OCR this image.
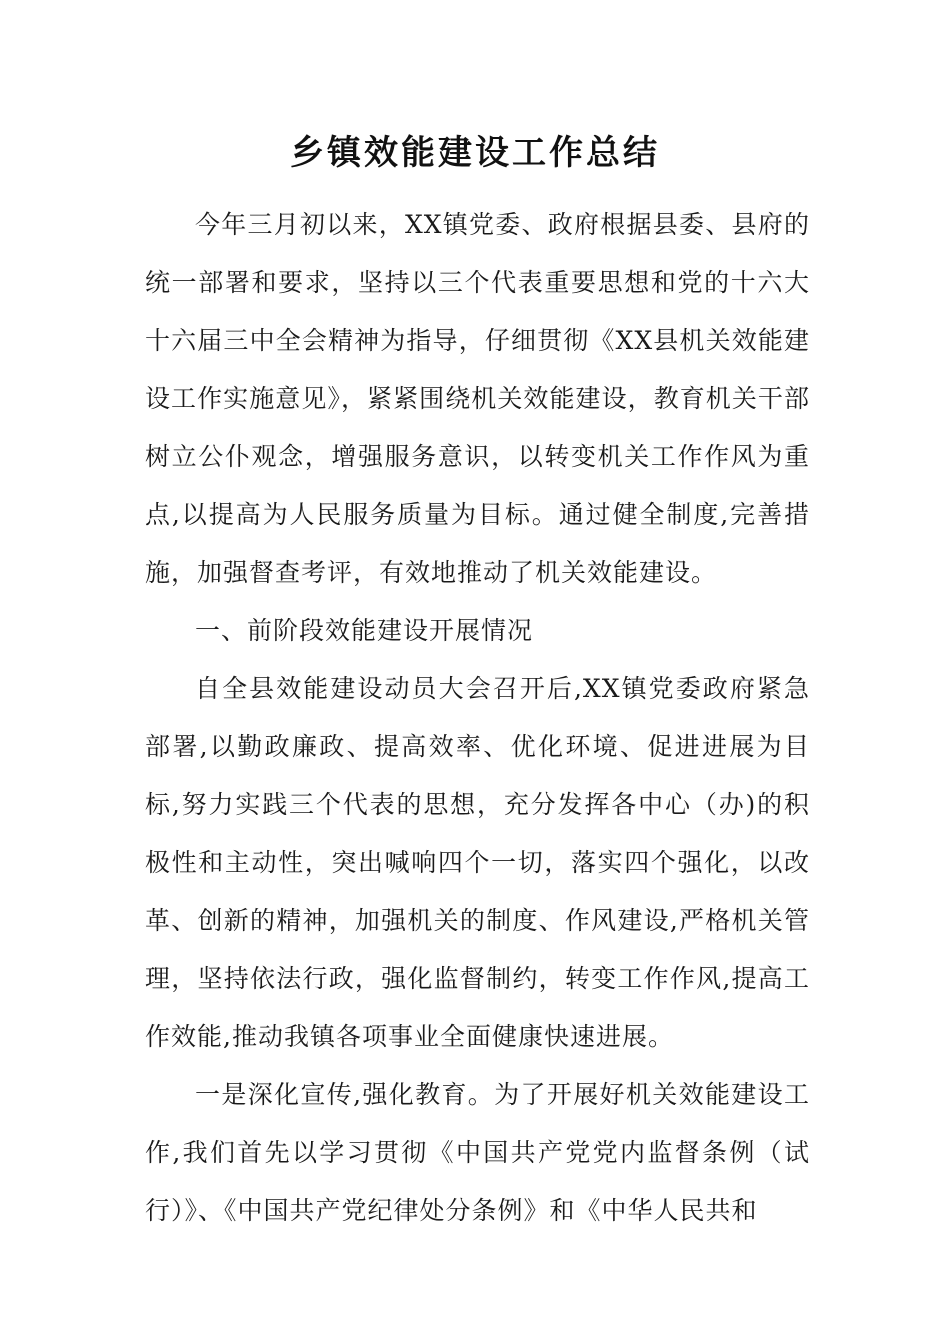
乡镇效能建设工作总结

今年三月初以来，XX镇党委、政府根据县委、县府的统一部署和要求，坚持以三个代表重要思想和党的十六大十六届三中全会精神为指导，仔细贯彻《XX县机关效能建设工作实施意见》，紧紧围绕机关效能建设，教育机关干部树立公仆观念，增强服务意识，以转变机关工作作风为重点,以提高为人民服务质量为目标。通过健全制度,完善措施，加强督查考评，有效地推动了机关效能建设。

一、前阶段效能建设开展情况

自全县效能建设动员大会召开后,XX镇党委政府紧急部署,以勤政廉政、提高效率、优化环境、促进进展为目标,努力实践三个代表的思想，充分发挥各中心（办)的积极性和主动性，突出喊响四个一切，落实四个强化，以改革、创新的精神，加强机关的制度、作风建设,严格机关管理，坚持依法行政，强化监督制约，转变工作作风,提高工作效能,推动我镇各项事业全面健康快速进展。

一是深化宣传,强化教育。为了开展好机关效能建设工作,我们首先以学习贯彻《中国共产党党内监督条例（试行）》、《中国共产党纪律处分条例》和《中华人民共和
